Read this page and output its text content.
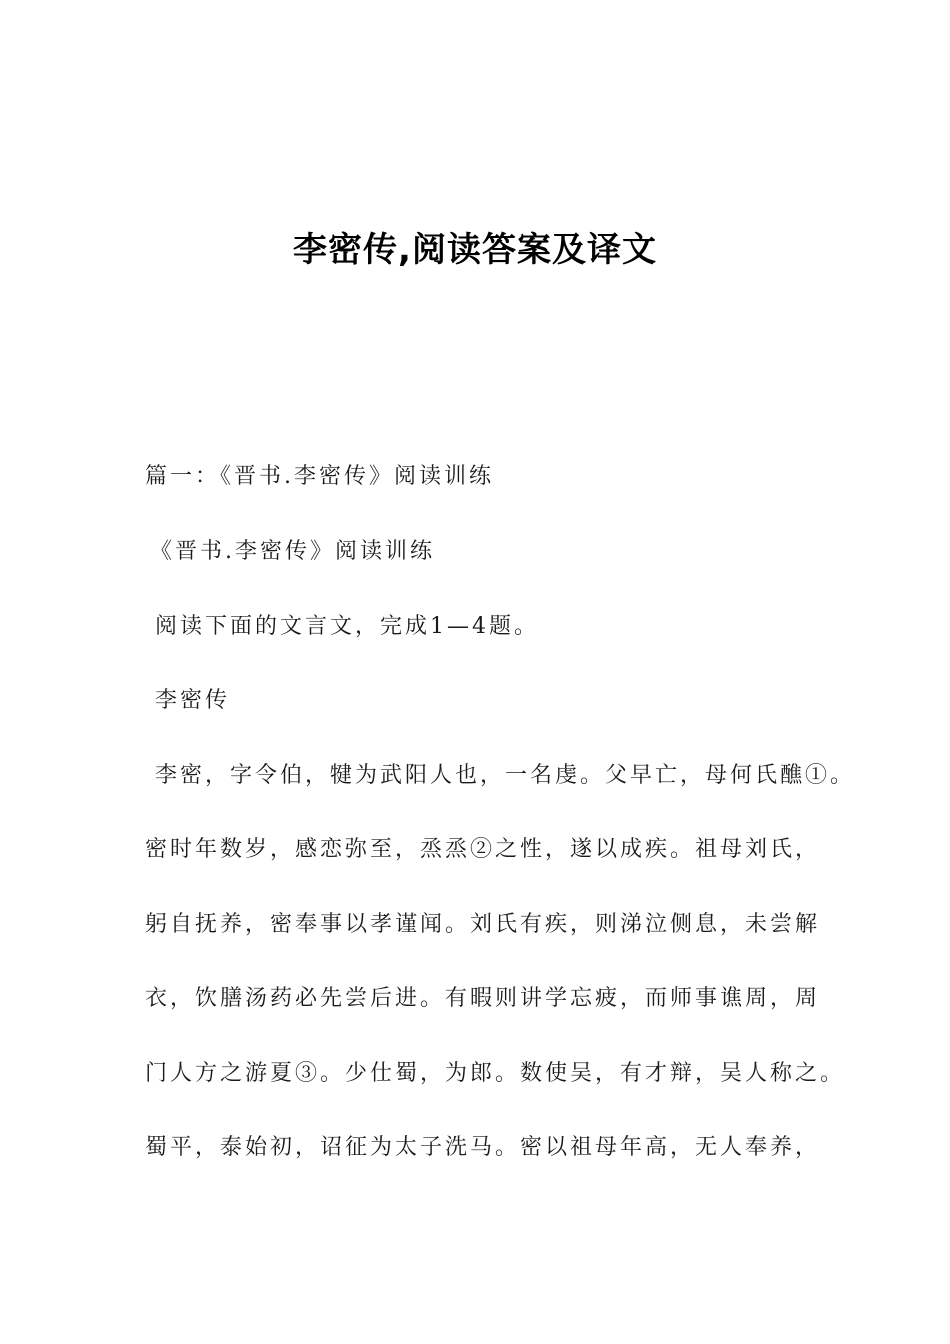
李密传,阅读答案及译文
篇一：《晋书.李密传》阅读训练
《晋书.李密传》阅读训练
阅读下面的文言文，完成1—4题。
李密传
李密，字令伯，犍为武阳人也，一名虔。父早亡，母何氏醮①。
密时年数岁，感恋弥至，烝烝②之性，遂以成疾。祖母刘氏，
躬自抚养，密奉事以孝谨闻。刘氏有疾，则涕泣侧息，未尝解
衣，饮膳汤药必先尝后进。有暇则讲学忘疲，而师事谯周，周
门人方之游夏③。少仕蜀，为郎。数使吴，有才辩，吴人称之。
蜀平，泰始初，诏征为太子洗马。密以祖母年高，无人奉养，
